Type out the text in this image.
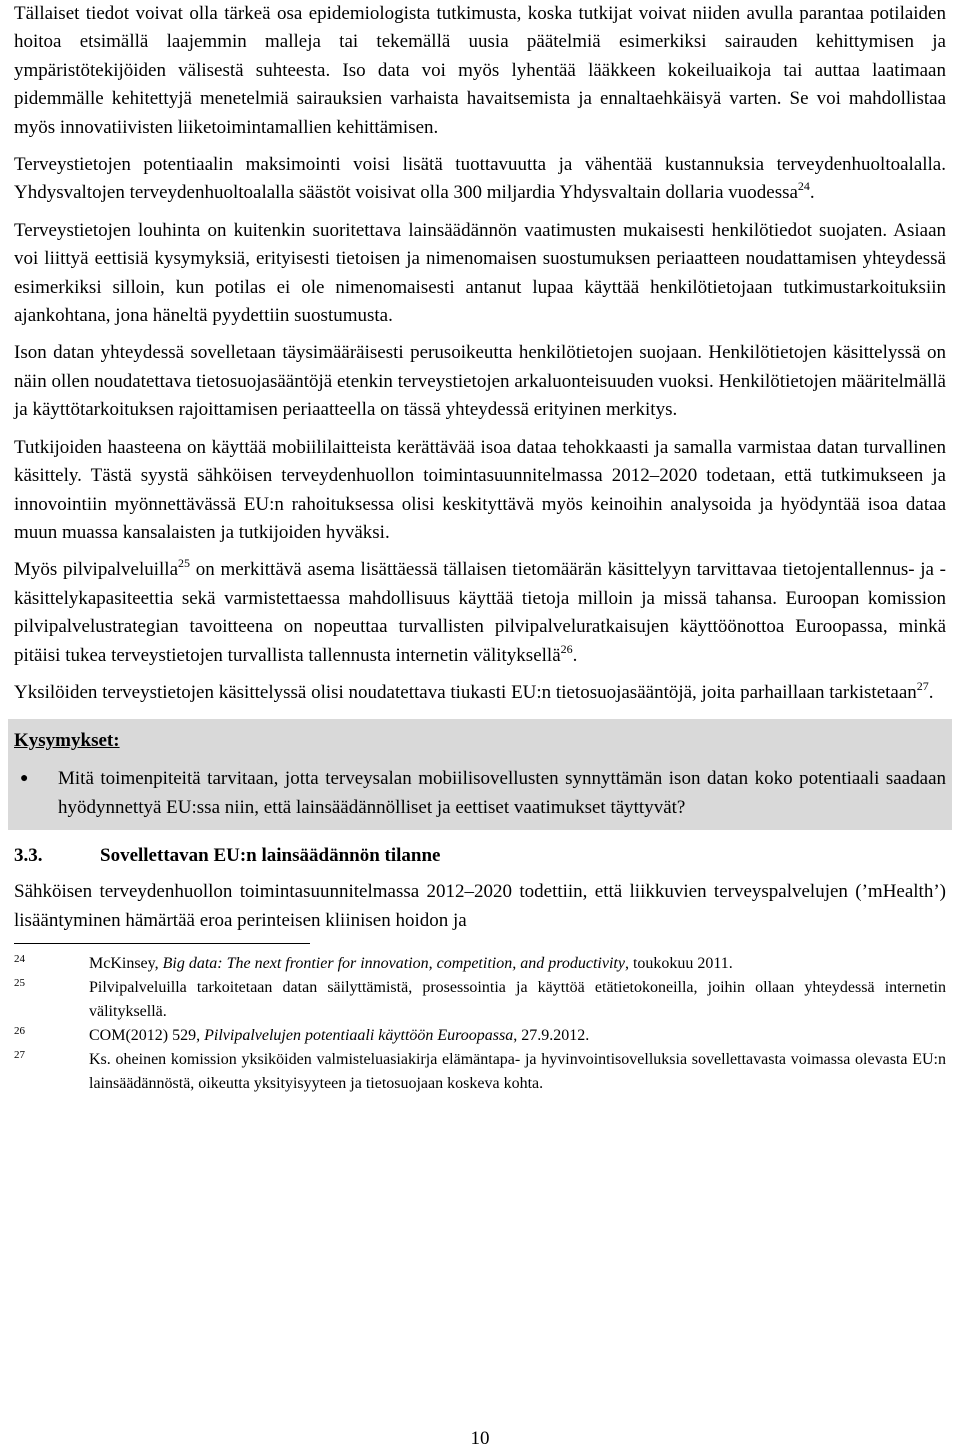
Tällaiset tiedot voivat olla tärkeä osa epidemiologista tutkimusta, koska tutkijat voivat niiden avulla parantaa potilaiden hoitoa etsimällä laajemmin malleja tai tekemällä uusia päätelmiä esimerkiksi sairauden kehittymisen ja ympäristötekijöiden välisestä suhteesta. Iso data voi myös lyhentää lääkkeen kokeiluaikoja tai auttaa laatimaan pidemmälle kehitettyjä menetelmiä sairauksien varhaista havaitsemista ja ennaltaehkäisyä varten. Se voi mahdollistaa myös innovatiivisten liiketoimintamallien kehittämisen.

Terveystietojen potentiaalin maksimointi voisi lisätä tuottavuutta ja vähentää kustannuksia terveydenhuoltoalalla. Yhdysvaltojen terveydenhuoltoalalla säästöt voisivat olla 300 miljardia Yhdysvaltain dollaria vuodessa$^{24}$.

Terveystietojen louhinta on kuitenkin suoritettava lainsäädännön vaatimusten mukaisesti henkilötiedot suojaten. Asiaan voi liittyä eettisiä kysymyksiä, erityisesti tietoisen ja nimenomaisen suostumuksen periaatteen noudattamisen yhteydessä esimerkiksi silloin, kun potilas ei ole nimenomaisesti antanut lupaa käyttää henkilötietojaan tutkimustarkoituksiin ajankohtana, jona häneltä pyydettiin suostumusta.

Ison datan yhteydessä sovelletaan täysimääräisesti perusoikeutta henkilötietojen suojaan. Henkilötietojen käsittelyssä on näin ollen noudatettava tietosuojasääntöjä etenkin terveystietojen arkaluonteisuuden vuoksi. Henkilötietojen määritelmällä ja käyttötarkoituksen rajoittamisen periaatteella on tässä yhteydessä erityinen merkitys.

Tutkijoiden haasteena on käyttää mobiililaitteista kerättävää isoa dataa tehokkaasti ja samalla varmistaa datan turvallinen käsittely. Tästä syystä sähköisen terveydenhuollon toimintasuunnitelmassa 2012–2020 todetaan, että tutkimukseen ja innovointiin myönnettävässä EU:n rahoituksessa olisi keskityttävä myös keinoihin analysoida ja hyödyntää isoa dataa muun muassa kansalaisten ja tutkijoiden hyväksi.

Myös pilvipalveluilla$^{25}$ on merkittävä asema lisättäessä tällaisen tietomäärän käsittelyyn tarvittavaa tietojentallennus- ja -käsittelykapasiteettia sekä varmistettaessa mahdollisuus käyttää tietoja milloin ja missä tahansa. Euroopan komission pilvipalvelustrategian tavoitteena on nopeuttaa turvallisten pilvipalveluratkaisujen käyttöönottoa Euroopassa, minkä pitäisi tukea terveystietojen turvallista tallennusta internetin välityksellä$^{26}$.

Yksilöiden terveystietojen käsittelyssä olisi noudatettava tiukasti EU:n tietosuojasääntöjä, joita parhaillaan tarkistetaan$^{27}$.

Kysymykset:
●	Mitä toimenpiteitä tarvitaan, jotta terveysalan mobiilisovellusten synnyttämän ison datan koko potentiaali saadaan hyödynnettyä EU:ssa niin, että lainsäädännölliset ja eettiset vaatimukset täyttyvät?
3.3.	Sovellettavan EU:n lainsäädännön tilanne

Sähköisen terveydenhuollon toimintasuunnitelmassa 2012–2020 todettiin, että liikkuvien terveyspalvelujen (’mHealth’) lisääntyminen hämärtää eroa perinteisen kliinisen hoidon ja

24	McKinsey, Big data: The next frontier for innovation, competition, and productivity, toukokuu 2011.
25	Pilvipalveluilla tarkoitetaan datan säilyttämistä, prosessointia ja käyttöä etätietokoneilla, joihin ollaan yhteydessä internetin välityksellä.
26	COM(2012) 529, Pilvipalvelujen potentiaali käyttöön Euroopassa, 27.9.2012.
27	Ks. oheinen komission yksiköiden valmisteluasiakirja elämäntapa- ja hyvinvointisovelluksia sovellettavasta voimassa olevasta EU:n lainsäädännöstä, oikeutta yksityisyyteen ja tietosuojaan koskeva kohta.
10
